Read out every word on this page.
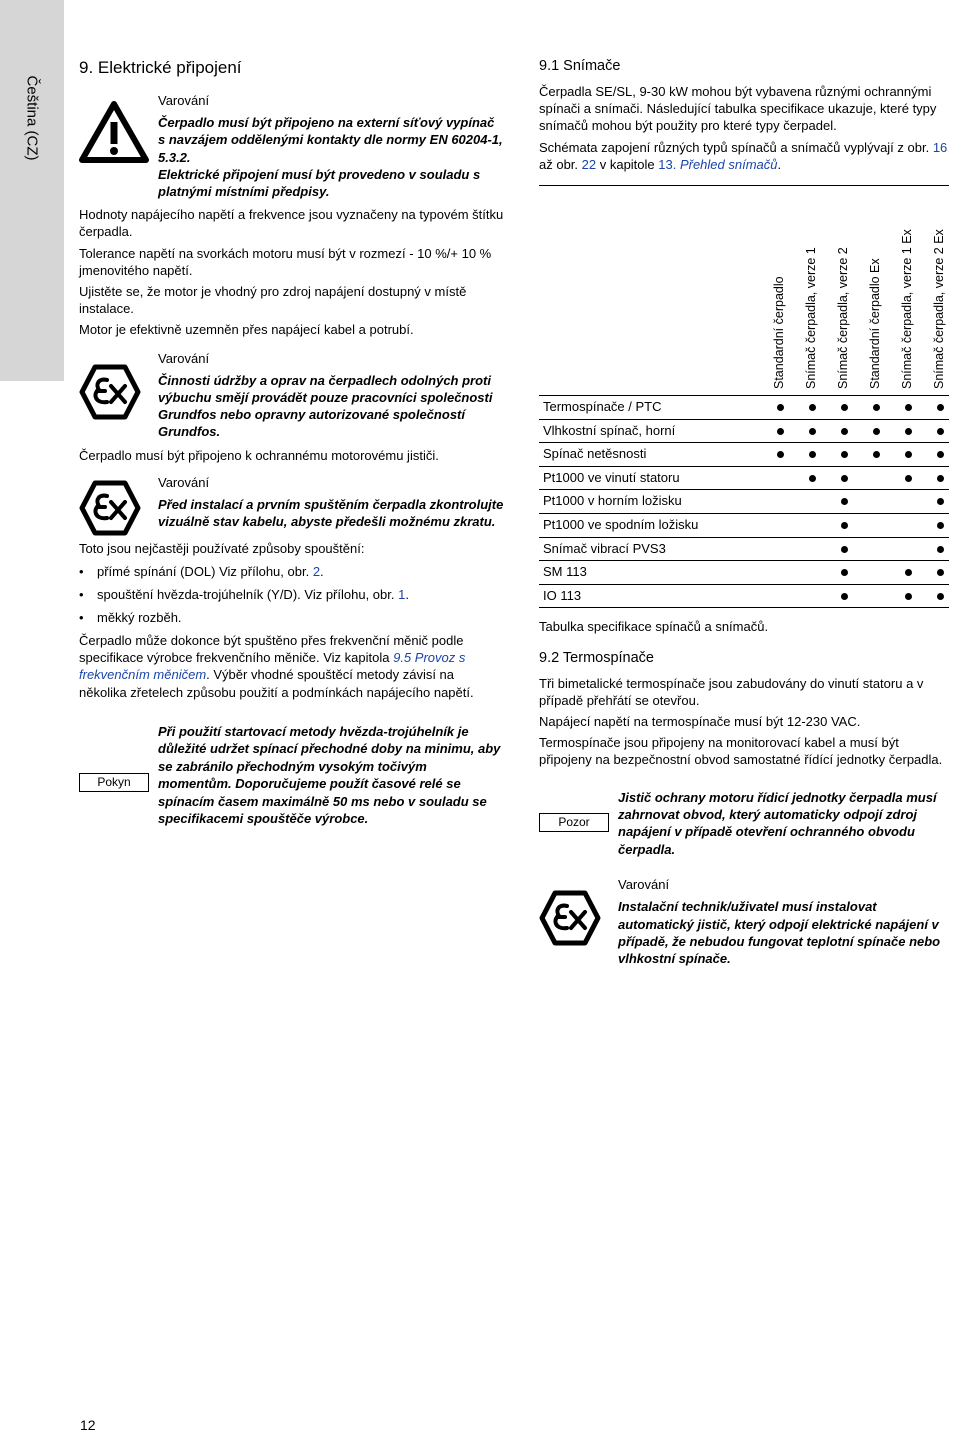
Čeština (CZ)
9. Elektrické připojení
Varování
Čerpadlo musí být připojeno na externí síťový vypínač s navzájem oddělenými kontakty dle normy EN 60204-1, 5.3.2.
Elektrické připojení musí být provedeno v souladu s platnými místními předpisy.

Hodnoty napájecího napětí a frekvence jsou vyznačeny na typovém štítku čerpadla.

Tolerance napětí na svorkách motoru musí být v rozmezí - 10 %/+ 10 % jmenovitého napětí.

Ujistěte se, že motor je vhodný pro zdroj napájení dostupný v místě instalace.

Motor je efektivně uzemněn přes napájecí kabel a potrubí.

Varování
Činnosti údržby a oprav na čerpadlech odolných proti výbuchu smějí provádět pouze pracovníci společnosti Grundfos nebo opravny autorizované společností Grundfos.

Čerpadlo musí být připojeno k ochrannému motorovému jističi.

Varování
Před instalací a prvním spuštěním čerpadla zkontrolujte vizuálně stav kabelu, abyste předešli možnému zkratu.

Toto jsou nejčastěji používaté způsoby spouštění:

• přímé spínání (DOL) Viz přílohu, obr. 2.
• spouštění hvězda-trojúhelník (Y/D). Viz přílohu, obr. 1.
• měkký rozběh.

Čerpadlo může dokonce být spuštěno přes frekvenční měnič podle specifikace výrobce frekvenčního měniče. Viz kapitola 9.5 Provoz s frekvenčním měničem. Výběr vhodné spouštěcí metody závisí na několika zřetelech způsobu použití a podmínkách napájecího napětí.

Pokyn
Při použití startovací metody hvězda-trojúhelník je důležité udržet spínací přechodné doby na minimu, aby se zabránilo přechodným vysokým točivým momentům. Doporučujeme použít časové relé se spínacím časem maximálně 50 ms nebo v souladu se specifikacemi spouštěče výrobce.
12
9.1 Snímače

Čerpadla SE/SL, 9-30 kW mohou být vybavena různými ochrannými spínači a snímači. Následující tabulka specifikace ukazuje, které typy snímačů mohou být použity pro které typy čerpadel.

Schémata zapojení různých typů spínačů a snímačů vyplývají z obr. 16 až obr. 22 v kapitole 13. Přehled snímačů.

Standardní čerpadlo Snímač čerpadla, verze 1 Snímač čerpadla, verze 2 Standardní čerpadlo Ex Snímač čerpadla, verze 1 Ex Snímač čerpadla, verze 2 Ex
Termospínače / PTC
Vlhkostní spínač, horní
Spínač netěsnosti
Pt1000 ve vinutí statoru
Pt1000 v horním ložisku
Pt1000 ve spodním ložisku
Snímač vibrací PVS3
SM 113
IO 113

Tabulka specifikace spínačů a snímačů.

9.2 Termospínače

Tři bimetalické termospínače jsou zabudovány do vinutí statoru a v případě přehřátí se otevřou.

Napájecí napětí na termospínače musí být 12-230 VAC.

Termospínače jsou připojeny na monitorovací kabel a musí být připojeny na bezpečnostní obvod samostatné řídící jednotky čerpadla.

Pozor
Jistič ochrany motoru řídicí jednotky čerpadla musí zahrnovat obvod, který automaticky odpojí zdroj napájení v případě otevření ochranného obvodu čerpadla.
Varování
Instalační technik/uživatel musí instalovat automatický jistič, který odpojí elektrické napájení v případě, že nebudou fungovat teplotní spínače nebo vlhkostní spínače.
